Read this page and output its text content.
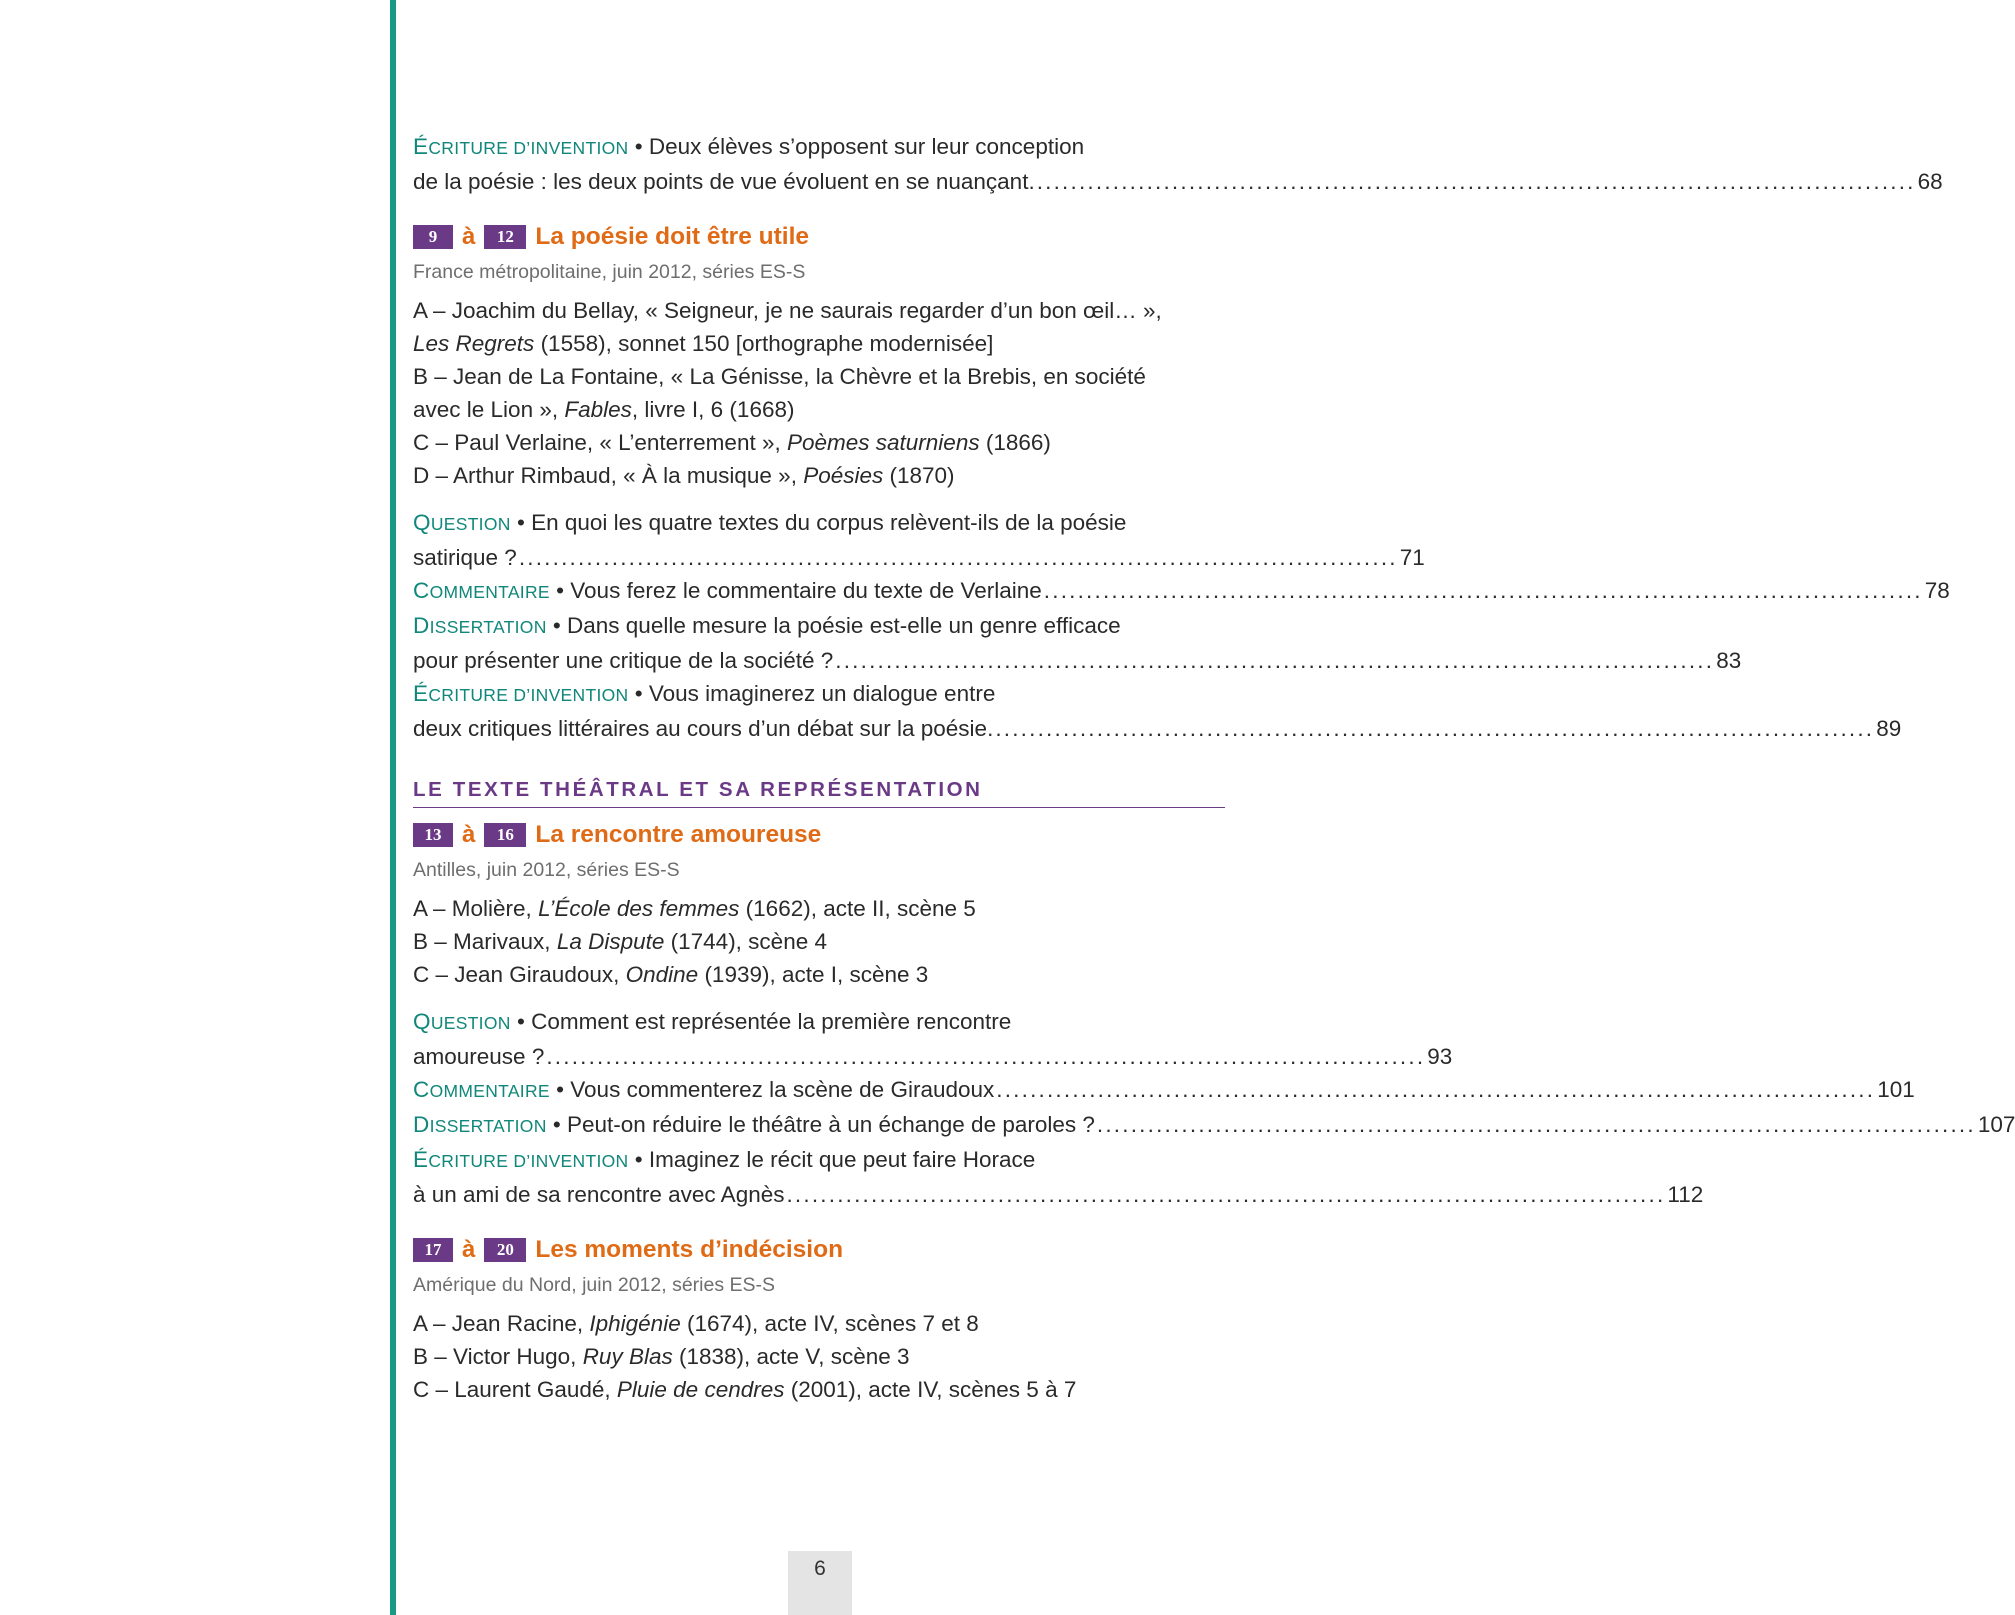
ÉCRITURE D’INVENTION • Deux élèves s’opposent sur leur conception
de la poésie : les deux points de vue évoluent en se nuançant. ........................................................................................................ 68
9	à	12 La poésie doit être utile
France métropolitaine, juin 2012, séries ES-S
A – Joachim du Bellay, « Seigneur, je ne saurais regarder d’un bon œil… »,
Les Regrets (1558), sonnet 150 [orthographe modernisée]
B – Jean de La Fontaine, « La Génisse, la Chèvre et la Brebis, en société
avec le Lion », Fables, livre I, 6 (1668)
C – Paul Verlaine, « L’enterrement », Poèmes saturniens (1866)
D – Arthur Rimbaud, « À la musique », Poésies (1870)
QUESTION • En quoi les quatre textes du corpus relèvent-ils de la poésie
satirique ? ........................................................................................................ 71
COMMENTAIRE • Vous ferez le commentaire du texte de Verlaine ........................................................................................................ 78
DISSERTATION • Dans quelle mesure la poésie est-elle un genre efficace
pour présenter une critique de la société ? ........................................................................................................ 83
ÉCRITURE D’INVENTION • Vous imaginerez un dialogue entre
deux critiques littéraires au cours d’un débat sur la poésie. ........................................................................................................ 89
LE TEXTE THÉÂTRAL ET SA REPRÉSENTATION
13 à	16 La rencontre amoureuse
Antilles, juin 2012, séries ES-S
A – Molière, L’École des femmes (1662), acte II, scène 5
B – Marivaux, La Dispute (1744), scène 4
C – Jean Giraudoux, Ondine (1939), acte I, scène 3
QUESTION • Comment est représentée la première rencontre
amoureuse ? ........................................................................................................ 93
COMMENTAIRE • Vous commenterez la scène de Giraudoux ........................................................................................................ 101
DISSERTATION • Peut-on réduire le théâtre à un échange de paroles ? ........................................................................................................ 107
ÉCRITURE D’INVENTION • Imaginez le récit que peut faire Horace
à un ami de sa rencontre avec Agnès ........................................................................................................ 112
17 à	20 Les moments d’indécision
Amérique du Nord, juin 2012, séries ES-S
A – Jean Racine, Iphigénie (1674), acte IV, scènes 7 et 8
B – Victor Hugo, Ruy Blas (1838), acte V, scène 3
C – Laurent Gaudé, Pluie de cendres (2001), acte IV, scènes 5 à 7
6
